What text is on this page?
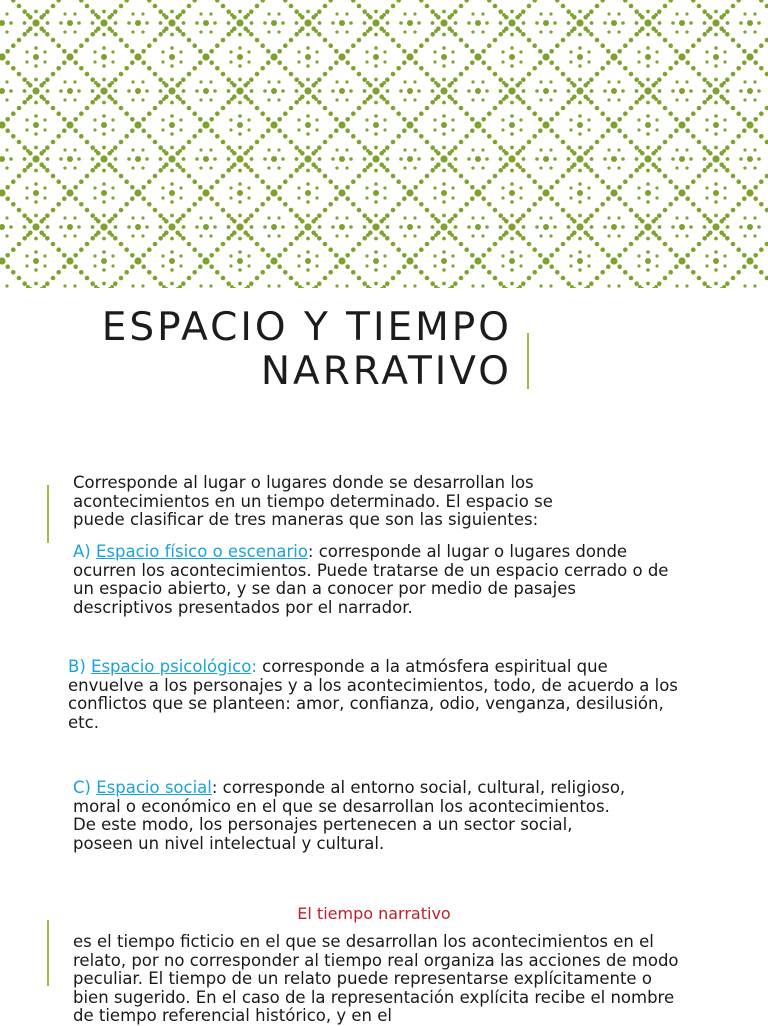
ESPACIO Y TIEMPO
NARRATIVO

Corresponde al lugar o lugares donde se desarrollan los acontecimientos en un tiempo determinado. El espacio se puede clasificar de tres maneras que son las siguientes:

A) Espacio físico o escenario: corresponde al lugar o lugares donde ocurren los acontecimientos. Puede tratarse de un espacio cerrado o de un espacio abierto, y se dan a conocer por medio de pasajes descriptivos presentados por el narrador.

B) Espacio psicológico: corresponde a la atmósfera espiritual que envuelve a los personajes y a los acontecimientos, todo, de acuerdo a los conflictos que se planteen: amor, confianza, odio, venganza, desilusión, etc.

C) Espacio social: corresponde al entorno social, cultural, religioso, moral o económico en el que se desarrollan los acontecimientos. De este modo, los personajes pertenecen a un sector social, poseen un nivel intelectual y cultural.

El tiempo narrativo

es el tiempo ficticio en el que se desarrollan los acontecimientos en el relato, por no corresponder al tiempo real organiza las acciones de modo peculiar. El tiempo de un relato puede representarse explícitamente o bien sugerido. En el caso de la representación explícita recibe el nombre de tiempo referencial histórico, y en el
